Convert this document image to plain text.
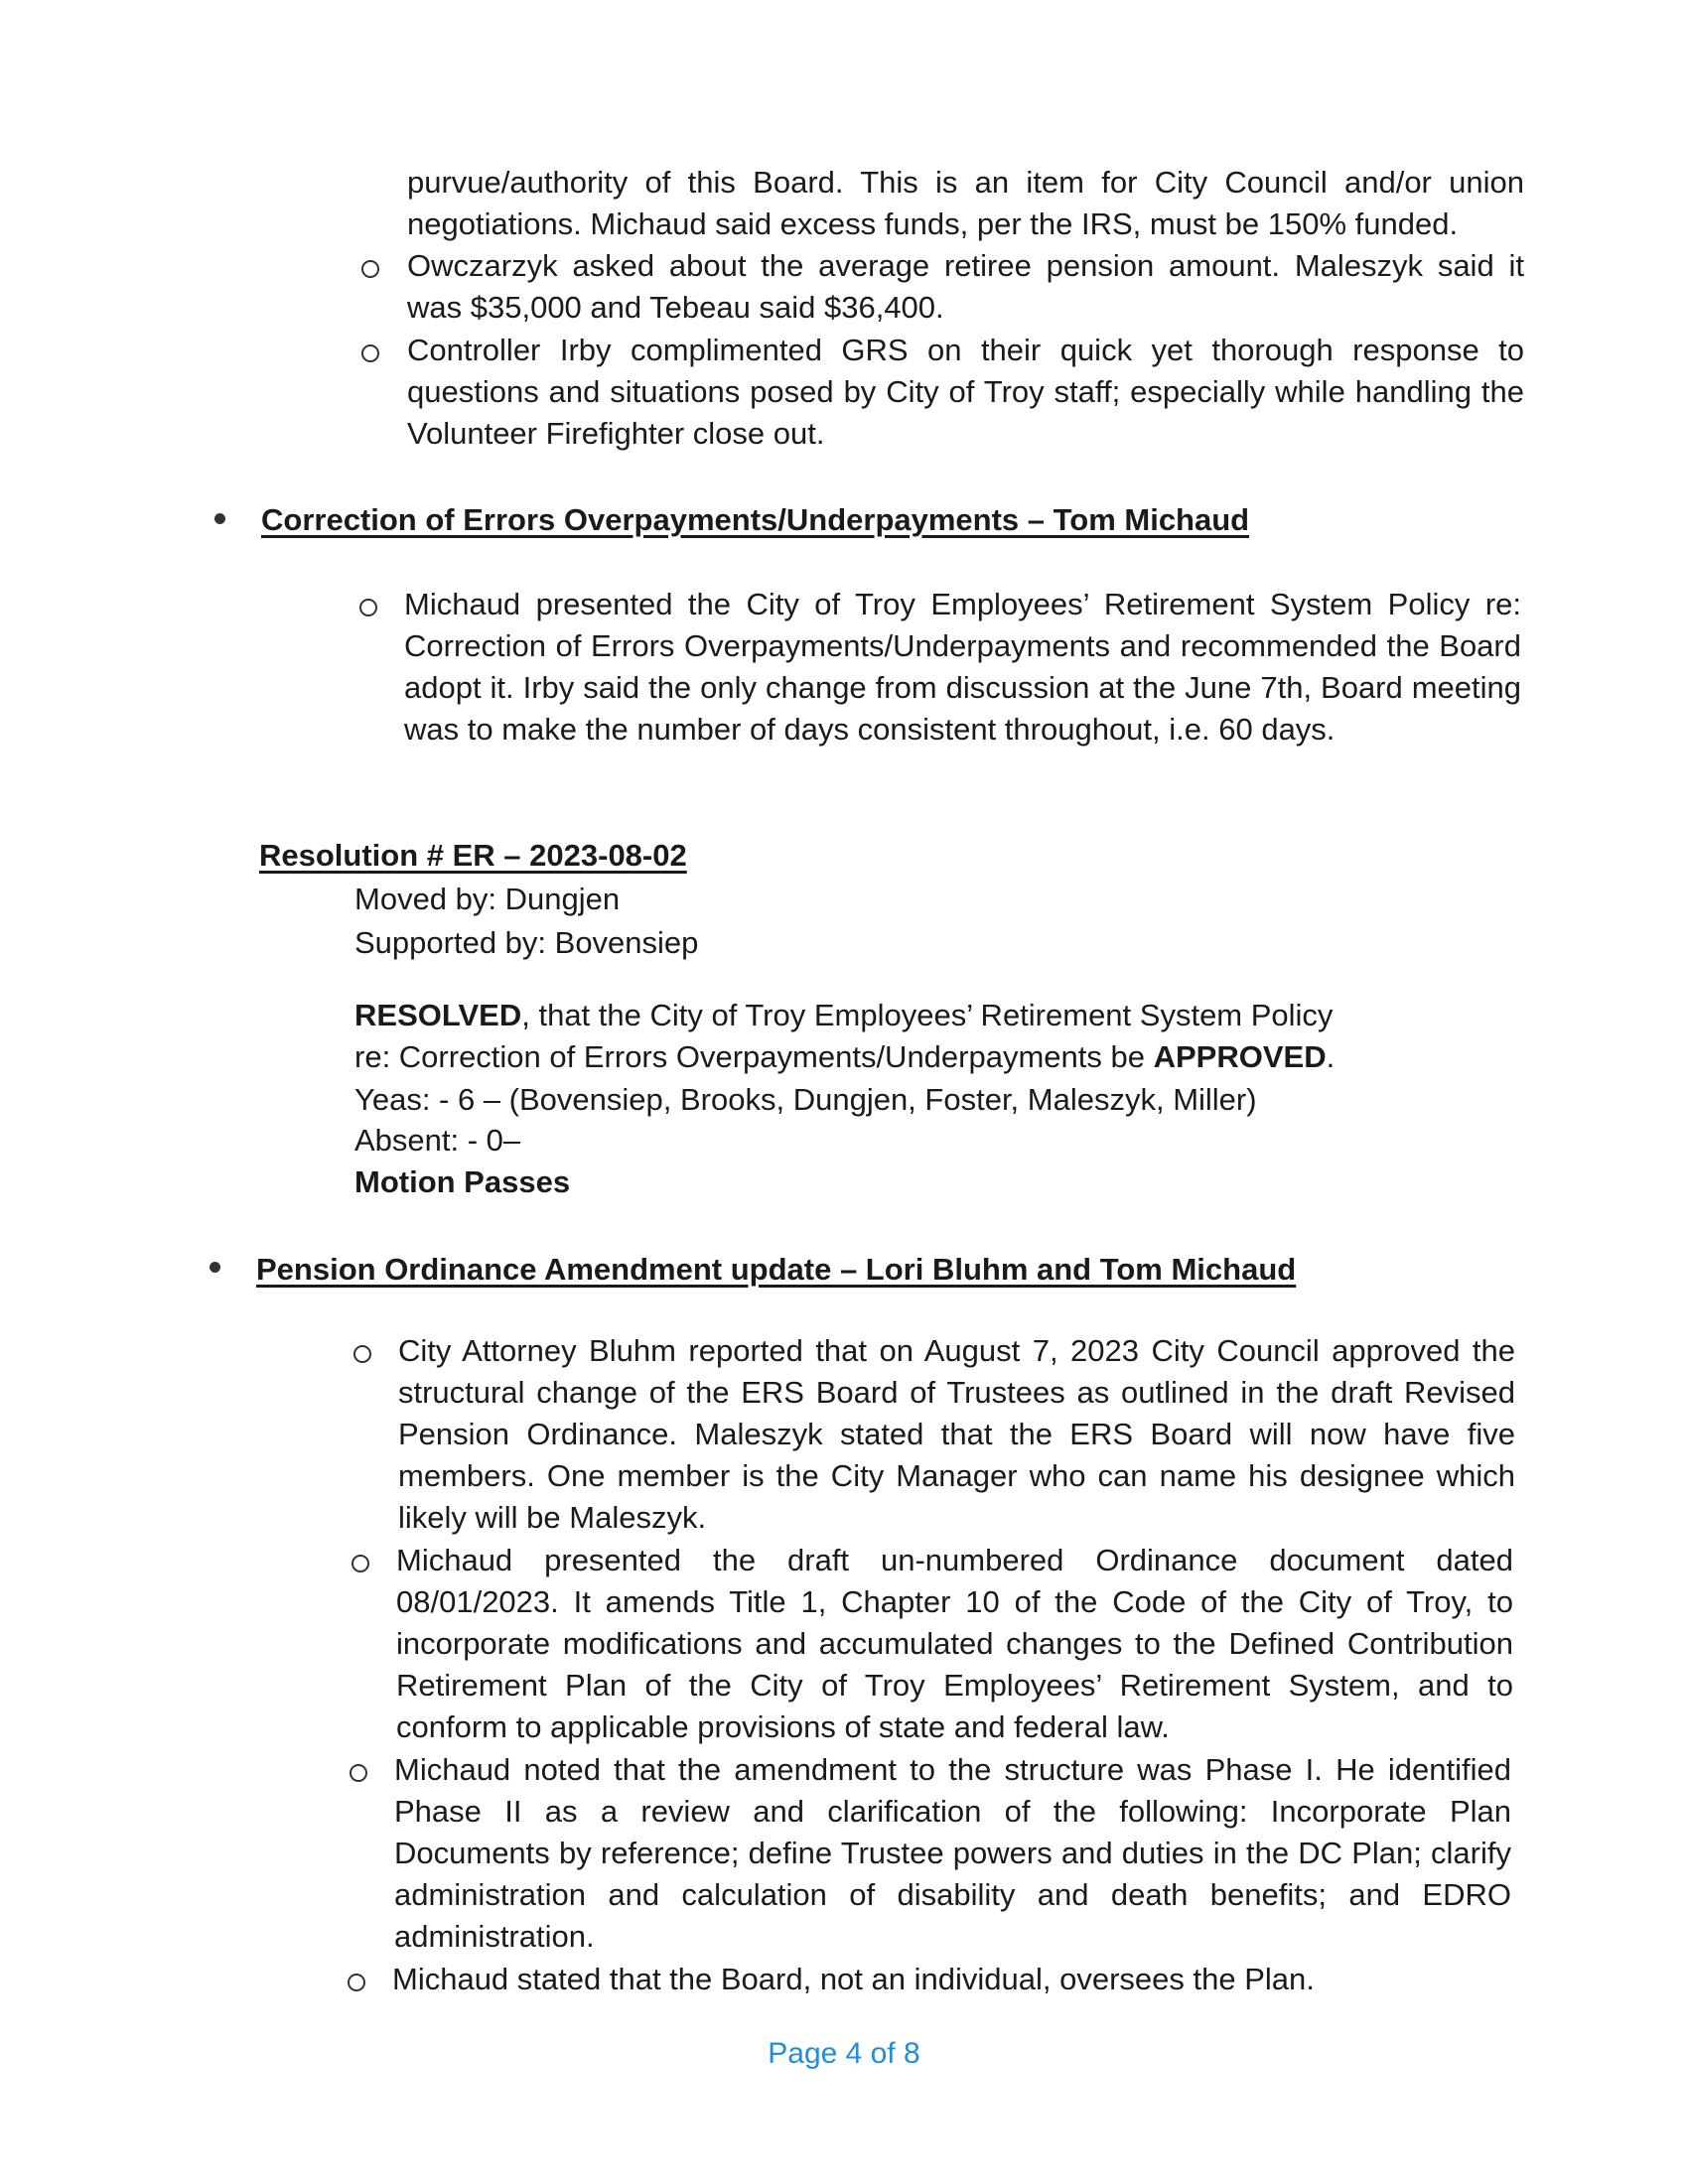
purvue/authority of this Board. This is an item for City Council and/or union negotiations. Michaud said excess funds, per the IRS, must be 150% funded.

Owczarzyk asked about the average retiree pension amount. Maleszyk said it was $35,000 and Tebeau said $36,400.

Controller Irby complimented GRS on their quick yet thorough response to questions and situations posed by City of Troy staff; especially while handling the Volunteer Firefighter close out.

Correction of Errors Overpayments/Underpayments – Tom Michaud

Michaud presented the City of Troy Employees’ Retirement System Policy re: Correction of Errors Overpayments/Underpayments and recommended the Board adopt it. Irby said the only change from discussion at the June 7th, Board meeting was to make the number of days consistent throughout, i.e. 60 days.

Resolution # ER – 2023-08-02
Moved by: Dungjen
Supported by: Bovensiep
RESOLVED, that the City of Troy Employees’ Retirement System Policy
re: Correction of Errors Overpayments/Underpayments be APPROVED.
Yeas: - 6 – (Bovensiep, Brooks, Dungjen, Foster, Maleszyk, Miller)
Absent: - 0–
Motion Passes
Pension Ordinance Amendment update – Lori Bluhm and Tom Michaud

City Attorney Bluhm reported that on August 7, 2023 City Council approved the structural change of the ERS Board of Trustees as outlined in the draft Revised Pension Ordinance. Maleszyk stated that the ERS Board will now have five members. One member is the City Manager who can name his designee which likely will be Maleszyk.

Michaud presented the draft un-numbered Ordinance document dated 08/01/2023. It amends Title 1, Chapter 10 of the Code of the City of Troy, to incorporate modifications and accumulated changes to the Defined Contribution Retirement Plan of the City of Troy Employees’ Retirement System, and to conform to applicable provisions of state and federal law.

Michaud noted that the amendment to the structure was Phase I. He identified Phase II as a review and clarification of the following: Incorporate Plan Documents by reference; define Trustee powers and duties in the DC Plan; clarify administration and calculation of disability and death benefits; and EDRO administration.

Michaud stated that the Board, not an individual, oversees the Plan.

Page 4 of 8
